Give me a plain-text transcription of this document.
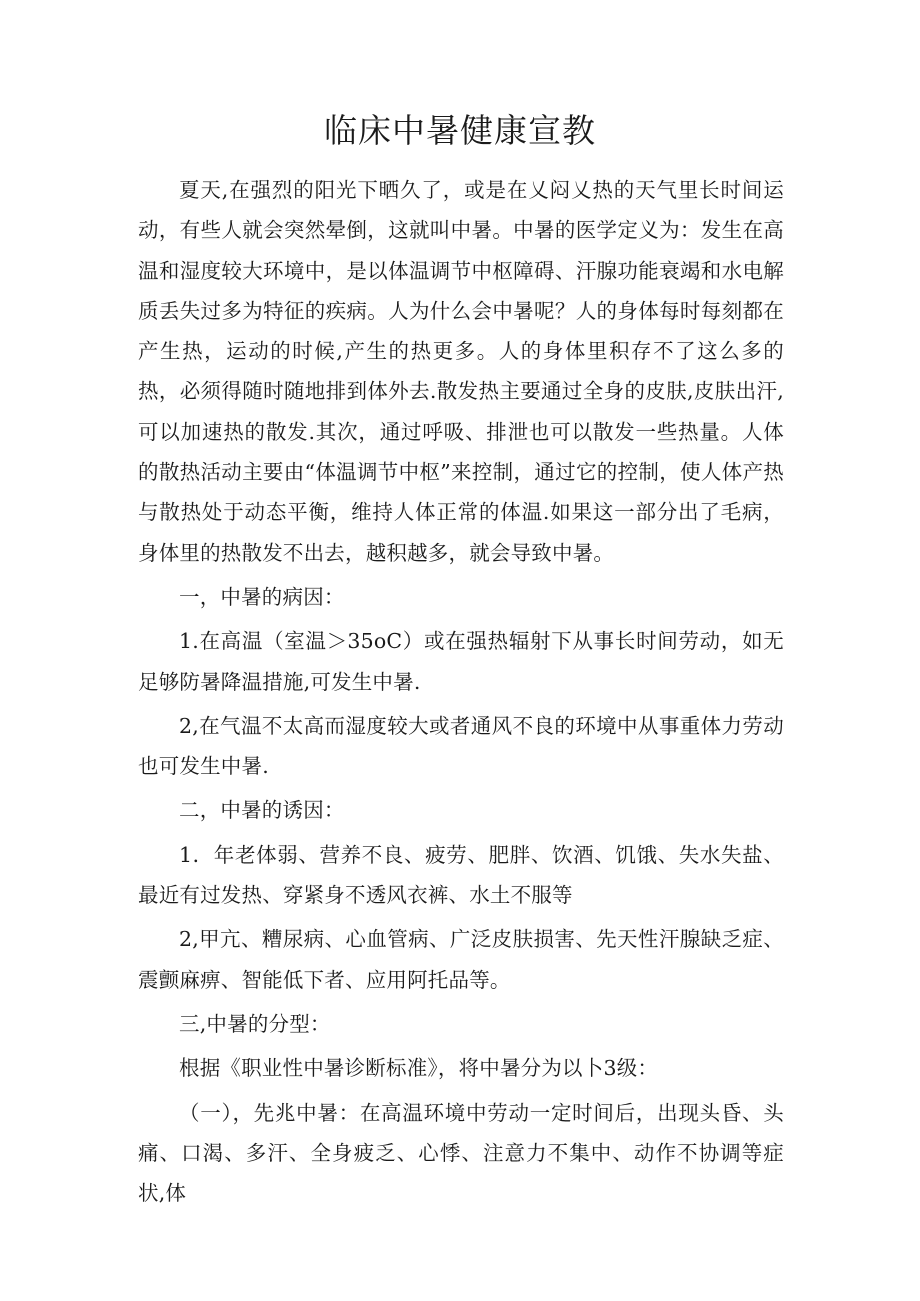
临床中暑健康宣教

夏天,在强烈的阳光下晒久了，或是在乂闷乂热的天气里长时间运动，有些人就会突然晕倒，这就叫中暑。中暑的医学定义为：发生在高温和湿度较大环境中，是以体温调节中枢障碍、汗腺功能衰竭和水电解质丢失过多为特征的疾病。人为什么会中暑呢？人的身体每时每刻都在产生热，运动的时候,产生的热更多。人的身体里积存不了这么多的热，必须得随时随地排到体外去.散发热主要通过全身的皮肤,皮肤出汗,可以加速热的散发.其次，通过呼吸、排泄也可以散发一些热量。人体的散热活动主要由“体温调节中枢”来控制，通过它的控制，使人体产热与散热处于动态平衡，维持人体正常的体温.如果这一部分出了毛病，身体里的热散发不出去，越积越多，就会导致中暑。

一，中暑的病因：

1.在高温（室温＞35oC）或在强热辐射下从事长时间劳动，如无足够防暑降温措施,可发生中暑.

2,在气温不太高而湿度较大或者通风不良的环境中从事重体力劳动也可发生中暑.

二，中暑的诱因：

1．年老体弱、营养不良、疲劳、肥胖、饮酒、饥饿、失水失盐、最近有过发热、穿紧身不透风衣裤、水土不服等

2,甲亢、糟尿病、心血管病、广泛皮肤损害、先天性汗腺缺乏症、震颤麻痹、智能低下者、应用阿托品等。

三,中暑的分型：

根据《职业性中暑诊断标准》，将中暑分为以卜3级：

（一），先兆中暑：在高温环境中劳动一定时间后，出现头昏、头痛、口渴、多汗、全身疲乏、心悸、注意力不集中、动作不协调等症状,体
